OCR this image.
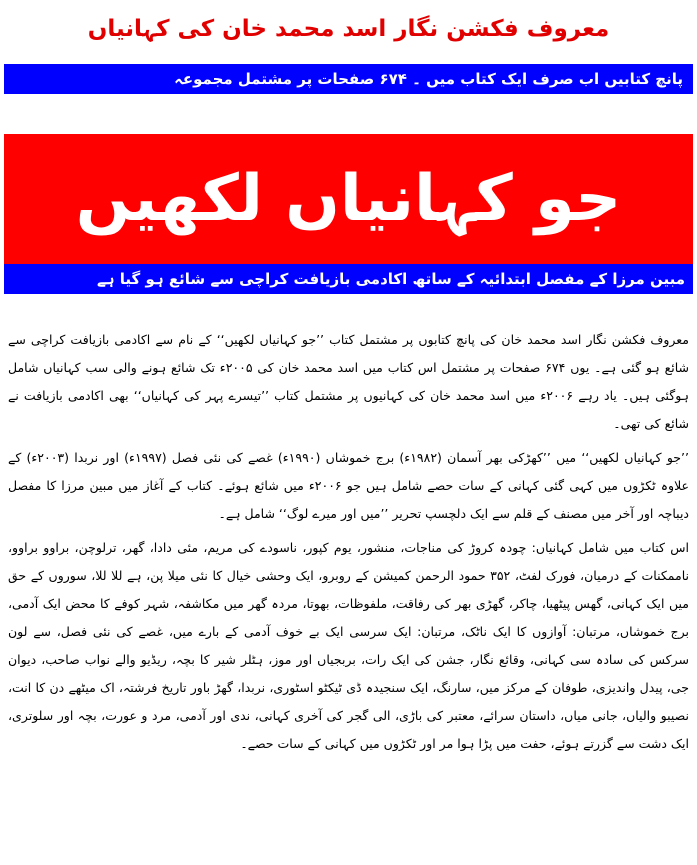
معروف فکشن نگار اسد محمد خان کی کہانیاں
پانچ کتابیں اب صرف ایک کتاب میں ۔ ۶۷۴ صفحات پر مشتمل مجموعہ
جو کہانیاں لکھیں
مبین مرزا کے مفصل ابتدائیہ کے ساتھ اکادمی بازیافت کراچی سے شائع ہو گیا ہے

معروف فکشن نگار اسد محمد خان کی پانچ کتابوں پر مشتمل کتاب ’’جو کہانیاں لکھیں‘‘ کے نام سے اکادمی بازیافت کراچی سے شائع ہو گئی ہے۔ یوں ۶۷۴ صفحات پر مشتمل اس کتاب میں اسد محمد خان کی ۲۰۰۵ء تک شائع ہونے والی سب کہانیاں شامل ہوگئی ہیں۔ یاد رہے ۲۰۰۶ء میں اسد محمد خان کی کہانیوں پر مشتمل کتاب ’’تیسرے پہر کی کہانیاں‘‘ بھی اکادمی بازیافت نے شائع کی تھی۔

’’جو کہانیاں لکھیں‘‘ میں ’’کھڑکی بھر آسمان (۱۹۸۲ء) برج خموشاں (۱۹۹۰ء) غصے کی نئی فصل (۱۹۹۷ء) اور نربدا (۲۰۰۳ء) کے علاوہ ٹکڑوں میں کہی گئی کہانی کے سات حصے شامل ہیں جو ۲۰۰۶ء میں شائع ہوئے۔ کتاب کے آغاز میں مبین مرزا کا مفصل دیباچہ اور آخر میں مصنف کے قلم سے ایک دلچسپ تحریر ’’میں اور میرے لوگ‘‘ شامل ہے۔

اس کتاب میں شامل کہانیاں: چودہ کروڑ کی مناجات، منشور، یوم کپور، ناسودے کی مریم، مئی دادا، گھر، ترلوچن، براوو براوو، ناممکنات کے درمیان، فورک لفٹ، ۳۵۲ حمود الرحمن کمیشن کے روبرو، ایک وحشی خیال کا نئی میلا پن، ہے للا للا، سوروں کے حق میں ایک کہانی، گھس پیٹھیا، چاکر، گھڑی بھر کی رفاقت، ملفوظات، بھوتا، مردہ گھر میں مکاشفہ، شہر کوفے کا محض ایک آدمی، برج خموشاں، مرتبان: آوازوں کا ایک ناٹک، مرتبان: ایک سرسی ایک بے خوف آدمی کے بارے میں، غصے کی نئی فصل، سے لون سرکس کی سادہ سی کہانی، وقائع نگار، جشن کی ایک رات، بربجیاں اور موز، ہٹلر شیر کا بچہ، ریڈیو والے نواب صاحب، دیوان جی، پیدل واندیزی، طوفان کے مرکز میں، سارنگ، ایک سنجیدہ ڈی ٹیکٹو اسٹوری، نربدا، گھڑ باور تاریخ فرشتہ، اک میٹھے دن کا انت، نصیبو والیاں، جانی میاں، داستان سرائے، معتبر کی باڑی، الی گجر کی آخری کہانی، ندی اور آدمی، مرد و عورت، بچہ اور سلوتری، ایک دشت سے گزرتے ہوئے، حفت میں پڑا ہوا مر اور ٹکڑوں میں کہانی کے سات حصے۔
